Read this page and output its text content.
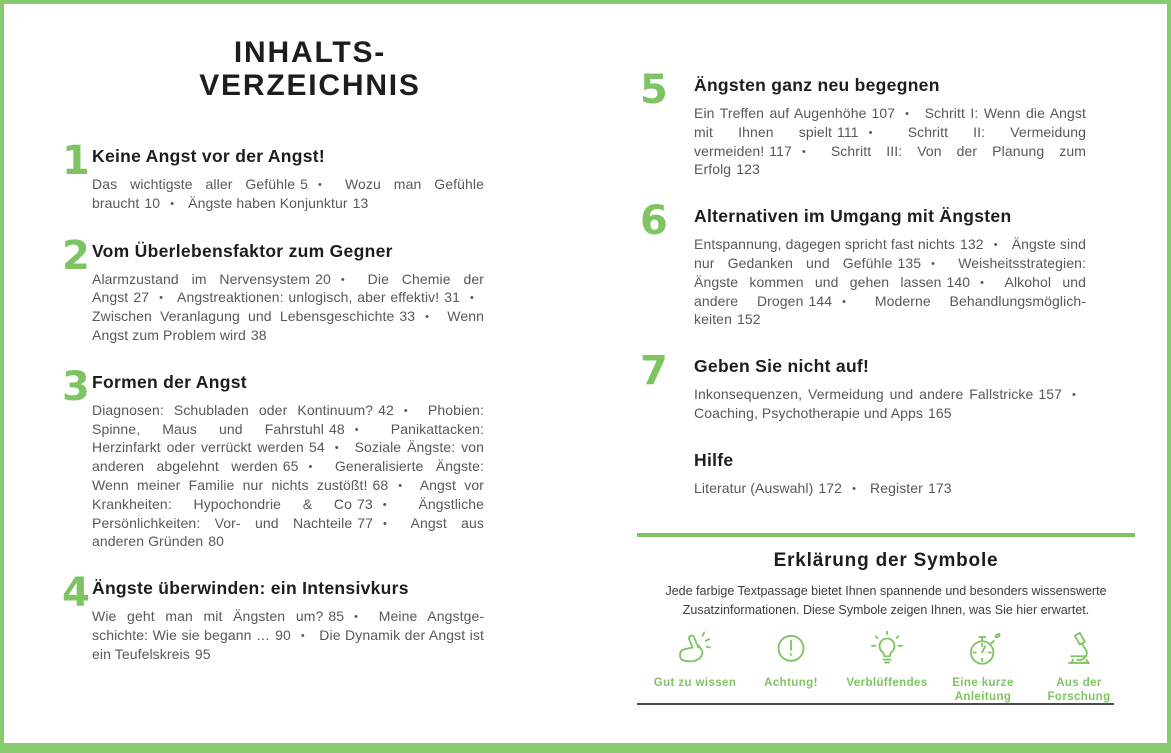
INHALTS-
VERZEICHNIS
1 Keine Angst vor der Angst!

Das wichtigste aller Gefühle 5 •	Wozu man Gefühle braucht 10 • Ängste haben Konjunktur 13

2 Vom Überlebensfaktor zum Gegner

Alarmzustand im Nervensystem 20 •	Die Chemie der Angst 27 • Angstreaktionen: unlogisch, aber effektiv! 31 • Zwischen Veranlagung und Lebensgeschichte 33 • Wenn Angst zum Problem wird 38

3 Formen der Angst

Diagnosen: Schubladen oder Kontinuum? 42 • Phobien: Spinne, Maus und Fahrstuhl 48 •	Panikattacken: Herzinfarkt oder verrückt werden 54 • Soziale Ängste: von anderen abgelehnt werden 65 •	Generalisierte Ängste: Wenn meiner Familie nur nichts zustößt! 68 • Angst vor Krankheiten: Hypochondrie & Co 73 •	Ängstliche Persönlichkeiten: Vor- und Nachteile 77 •	Angst aus anderen Gründen 80

4 Ängste überwinden: ein Intensivkurs

Wie geht man mit Ängsten um? 85 • Meine Angstgeschichte: Wie sie begann … 90 • Die Dynamik der Angst ist ein Teufelskreis 95

5	Ängsten ganz neu begegnen

Ein Treffen auf Augenhöhe 107 • Schritt I: Wenn die Angst mit Ihnen spielt 111 •	Schritt II: Vermeidung vermeiden! 117 •	Schritt III: Von der Planung zum Erfolg 123

6	Alternativen im Umgang mit Ängsten

Entspannung, dagegen spricht fast nichts 132 • Ängste sind nur Gedanken und Gefühle 135 •	Weisheitsstrategien: Ängste kommen und gehen lassen 140 • Alkohol und andere Drogen 144 •	Moderne Behandlungsmöglichkeiten 152

7	Geben Sie nicht auf!

Inkonsequenzen, Vermeidung und andere Fallstricke 157 • Coaching, Psychotherapie und Apps 165

Hilfe

Literatur (Auswahl) 172 • Register 173

Erklärung der Symbole
Jede farbige Textpassage bietet Ihnen spannende und besonders wissenswerte
Zusatzinformationen. Diese Symbole zeigen Ihnen, was Sie hier erwartet.
Gut zu wissen Achtung! Verblüffendes	Eine kurze Anleitung
Aus der Forschung
